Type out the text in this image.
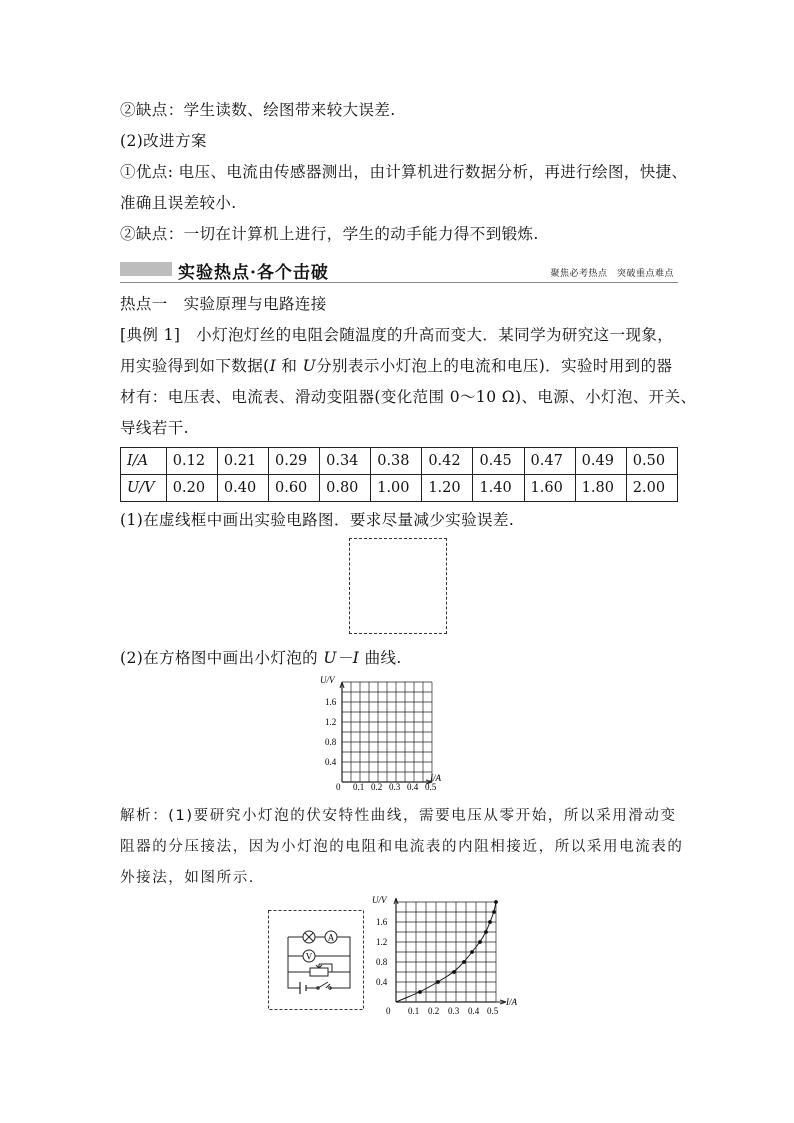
②缺点：学生读数、绘图带来较大误差.
(2)改进方案
①优点: 电压、电流由传感器测出，由计算机进行数据分析，再进行绘图，快捷、
准确且误差较小.
②缺点：一切在计算机上进行，学生的动手能力得不到锻炼.
实验热点·各个击破	聚焦必考热点　突破重点难点
热点一　实验原理与电路连接
[典例 1]　小灯泡灯丝的电阻会随温度的升高而变大．某同学为研究这一现象，
用实验得到如下数据(I 和 U分别表示小灯泡上的电流和电压)．实验时用到的器
材有：电压表、电流表、滑动变阻器(变化范围 0～10 Ω)、电源、小灯泡、开关、
导线若干.
I/A	0.12	0.21	0.29	0.34	0.38	0.42	0.45	0.47	0.49	0.50
U/V	0.20	0.40	0.60	0.80	1.00	1.20	1.40	1.60	1.80	2.00
(1)在虚线框中画出实验电路图．要求尽量减少实验误差.
(2)在方格图中画出小灯泡的 U－I 曲线.
U/V
I/A
0
1.6
1.2
0.8
0.4
0.1 0.2 0.3 0.4 0.5
解析：(1)要研究小灯泡的伏安特性曲线，需要电压从零开始，所以采用滑动变
阻器的分压接法，因为小灯泡的电阻和电流表的内阻相接近，所以采用电流表的
外接法，如图所示.
A
V
U/V
I/A
0
1.6
1.2
0.8
0.4
0.1 0.2 0.3 0.4 0.5
